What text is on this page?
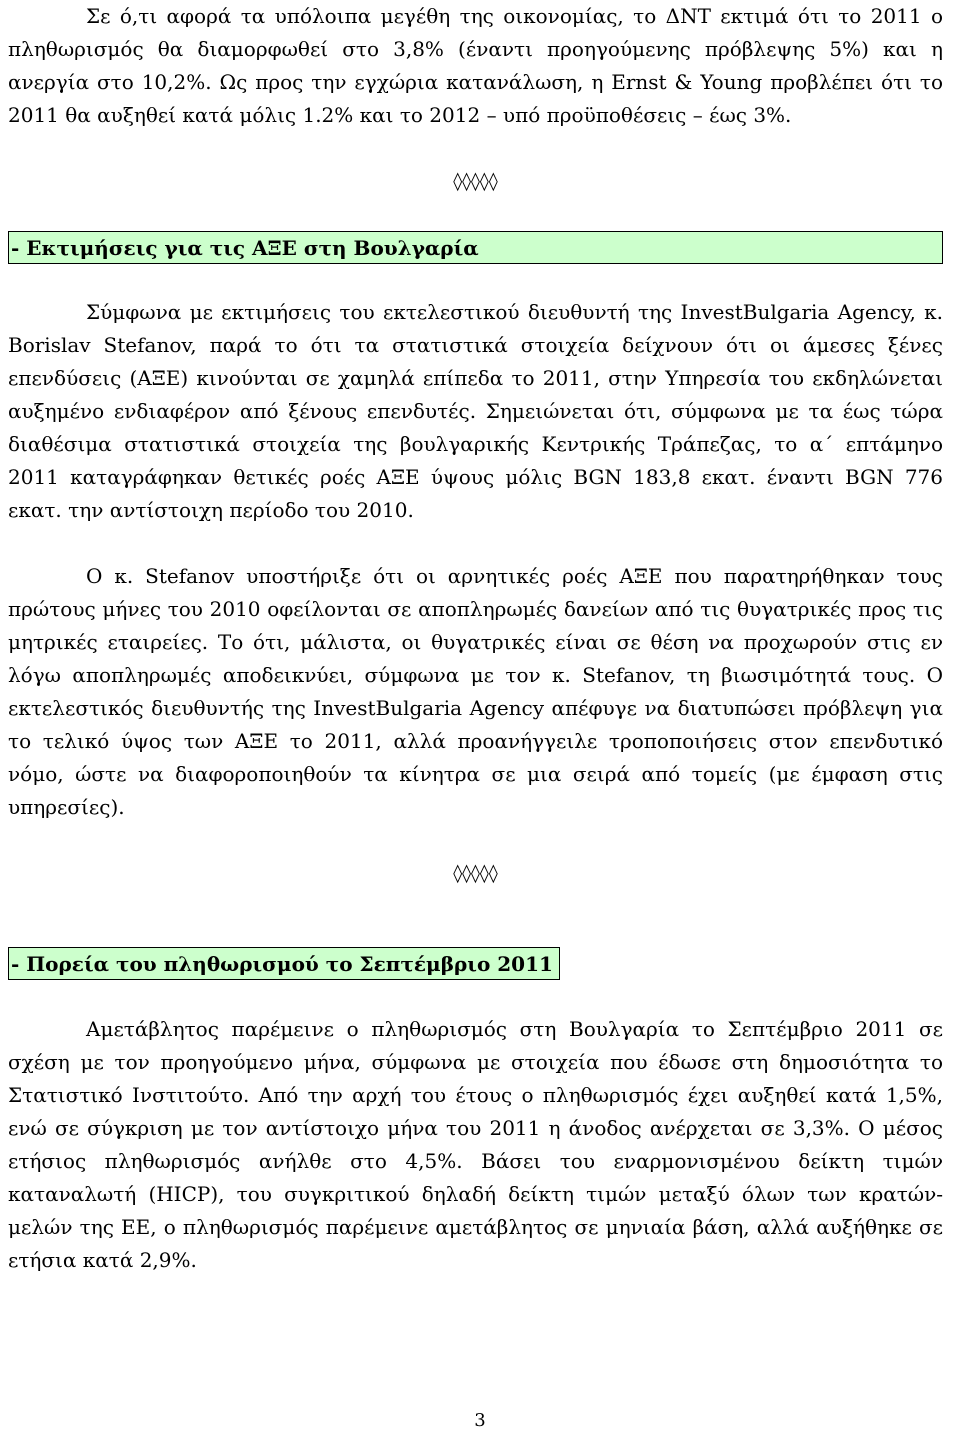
Σε ό,τι αφορά τα υπόλοιπα μεγέθη της οικονομίας, το ΔΝΤ εκτιμά ότι το 2011 ο πληθωρισμός θα διαμορφωθεί στο 3,8% (έναντι προηγούμενης πρόβλεψης 5%) και η ανεργία στο 10,2%. Ως προς την εγχώρια κατανάλωση, η Ernst & Young προβλέπει ότι το 2011 θα αυξηθεί κατά μόλις 1.2% και το 2012 – υπό προϋποθέσεις – έως 3%.

◊◊◊◊◊
- Εκτιμήσεις για τις ΑΞΕ στη Βουλγαρία

Σύμφωνα με εκτιμήσεις του εκτελεστικού διευθυντή της InvestBulgaria Agency, κ. Borislav Stefanov, παρά το ότι τα στατιστικά στοιχεία δείχνουν ότι οι άμεσες ξένες επενδύσεις (ΑΞΕ) κινούνται σε χαμηλά επίπεδα το 2011, στην Υπηρεσία του εκδηλώνεται αυξημένο ενδιαφέρον από ξένους επενδυτές. Σημειώνεται ότι, σύμφωνα με τα έως τώρα διαθέσιμα στατιστικά στοιχεία της βουλγαρικής Κεντρικής Τράπεζας, το α΄ επτάμηνο 2011 καταγράφηκαν θετικές ροές ΑΞΕ ύψους μόλις BGN 183,8 εκατ. έναντι BGN 776 εκατ. την αντίστοιχη περίοδο του 2010.

Ο κ. Stefanov υποστήριξε ότι οι αρνητικές ροές ΑΞΕ που παρατηρήθηκαν τους πρώτους μήνες του 2010 οφείλονται σε αποπληρωμές δανείων από τις θυγατρικές προς τις μητρικές εταιρείες. Το ότι, μάλιστα, οι θυγατρικές είναι σε θέση να προχωρούν στις εν λόγω αποπληρωμές αποδεικνύει, σύμφωνα με τον κ. Stefanov, τη βιωσιμότητά τους. Ο εκτελεστικός διευθυντής της InvestBulgaria Agency απέφυγε να διατυπώσει πρόβλεψη για το τελικό ύψος των ΑΞΕ το 2011, αλλά προανήγγειλε τροποποιήσεις στον επενδυτικό νόμο, ώστε να διαφοροποιηθούν τα κίνητρα σε μια σειρά από τομείς (με έμφαση στις υπηρεσίες).

◊◊◊◊◊
- Πορεία του πληθωρισμού το Σεπτέμβριο 2011

Αμετάβλητος παρέμεινε ο πληθωρισμός στη Βουλγαρία το Σεπτέμβριο 2011 σε σχέση με τον προηγούμενο μήνα, σύμφωνα με στοιχεία που έδωσε στη δημοσιότητα το Στατιστικό Ινστιτούτο. Από την αρχή του έτους ο πληθωρισμός έχει αυξηθεί κατά 1,5%, ενώ σε σύγκριση με τον αντίστοιχο μήνα του 2011 η άνοδος ανέρχεται σε 3,3%. Ο μέσος ετήσιος πληθωρισμός ανήλθε στο 4,5%. Βάσει του εναρμονισμένου δείκτη τιμών καταναλωτή (HICP), του συγκριτικού δηλαδή δείκτη τιμών μεταξύ όλων των κρατών-μελών της ΕΕ, ο πληθωρισμός παρέμεινε αμετάβλητος σε μηνιαία βάση, αλλά αυξήθηκε σε ετήσια κατά 2,9%.

3
